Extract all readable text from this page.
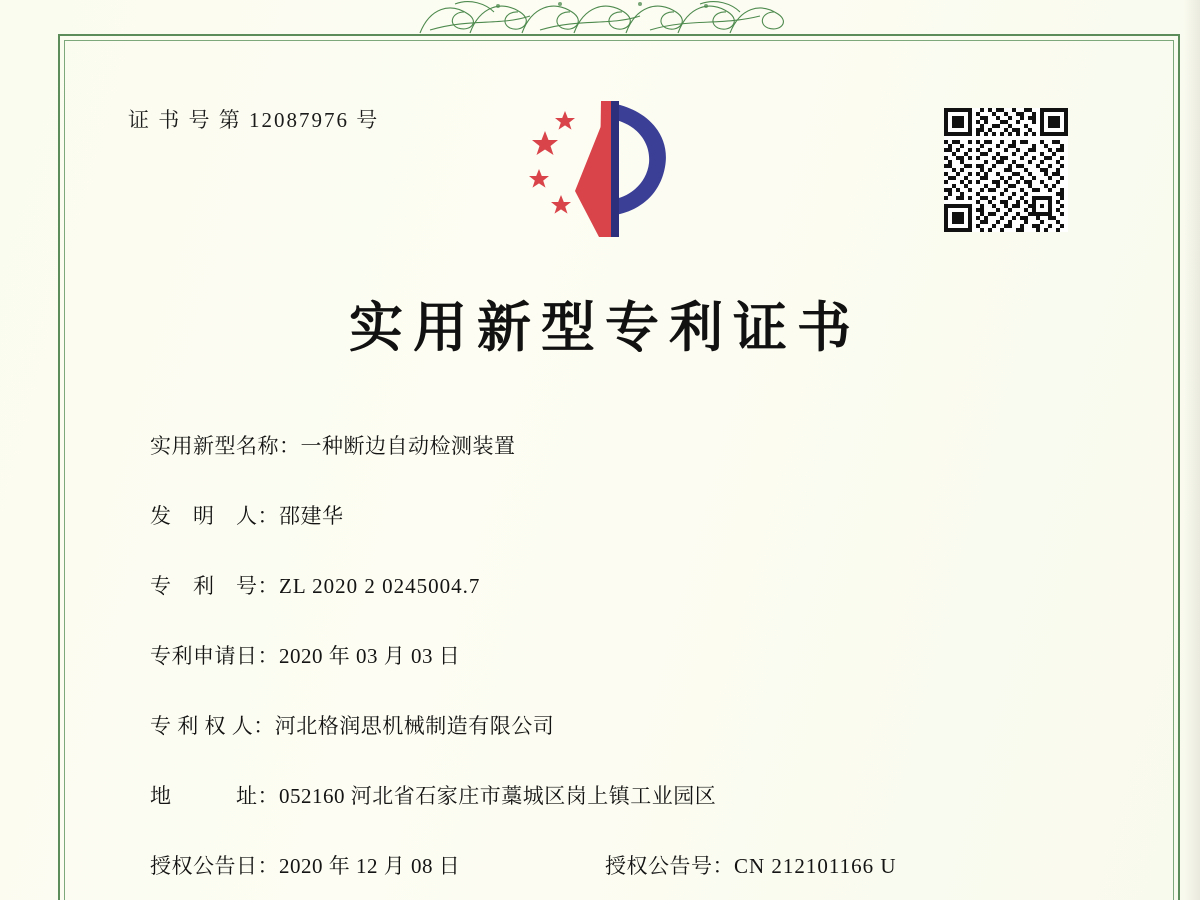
证 书 号 第 12087976 号
实用新型专利证书
实用新型名称：一种断边自动检测装置
发　明　人：邵建华
专　利　号：ZL 2020 2 0245004.7
专利申请日：2020 年 03 月 03 日
专 利 权 人：河北格润思机械制造有限公司
地　　　址：052160 河北省石家庄市藁城区岗上镇工业园区
授权公告日：2020 年 12 月 08 日	授权公告号：CN 212101166 U
